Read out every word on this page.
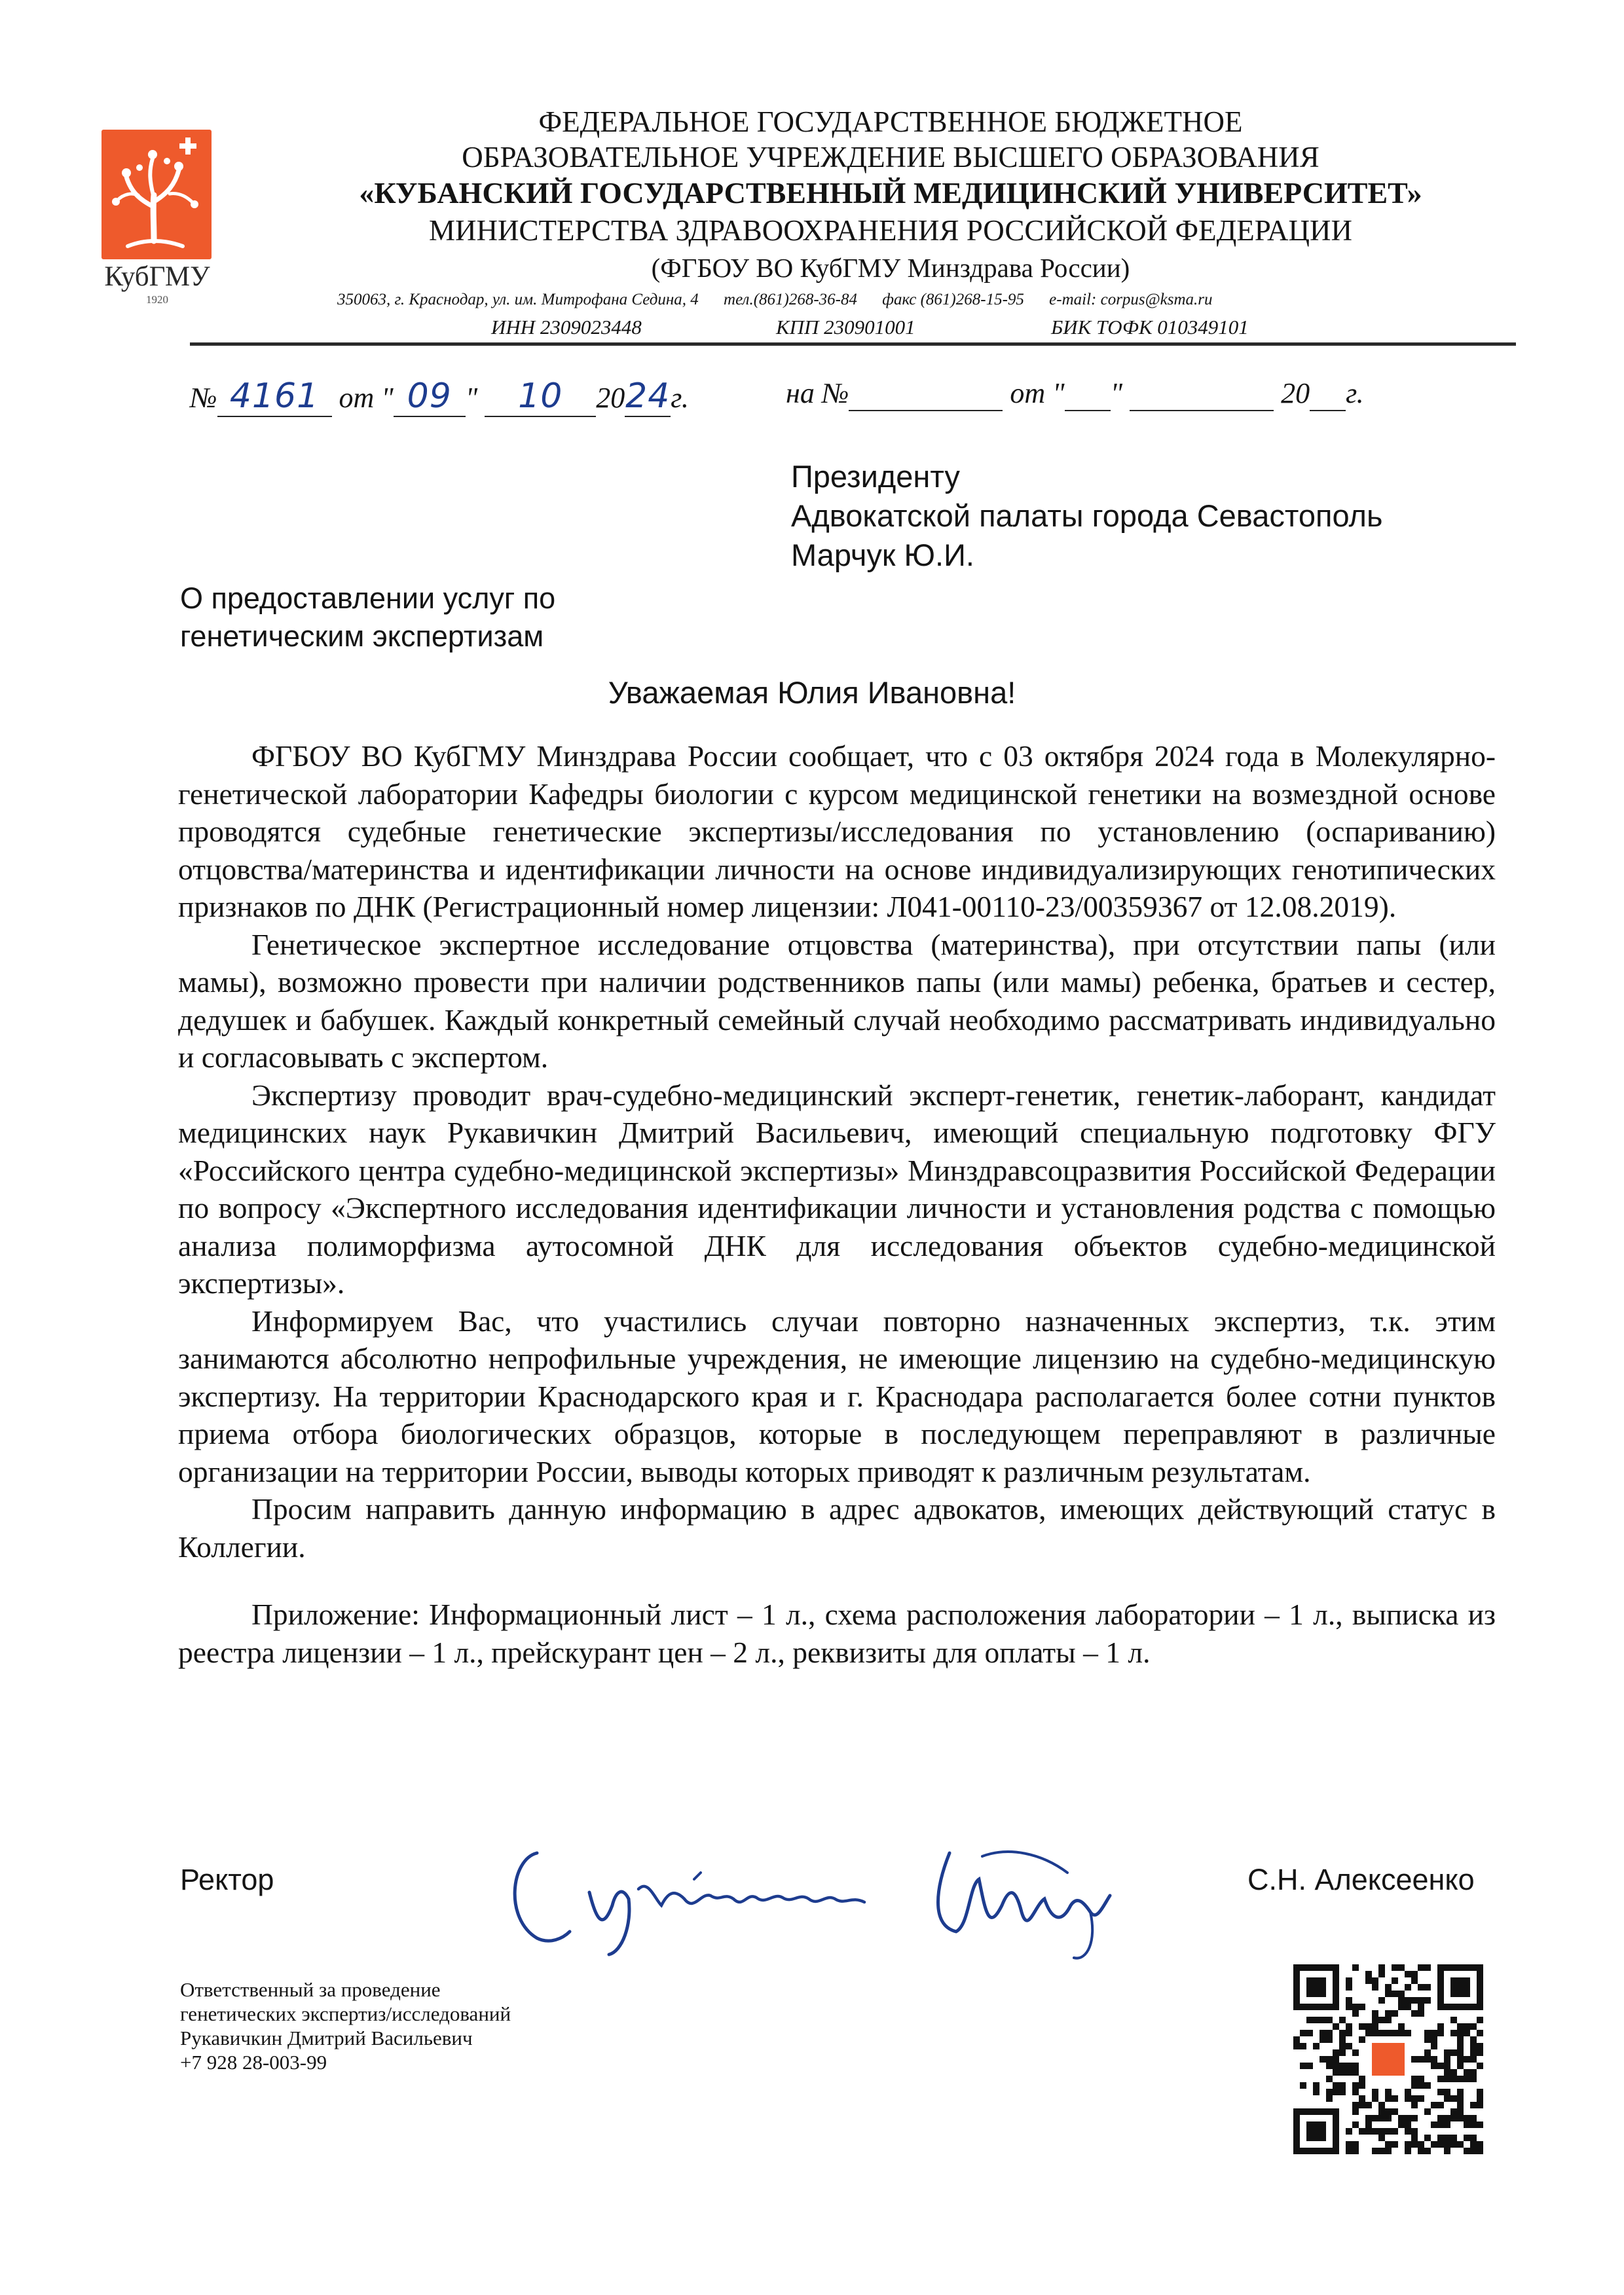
КубГМУ
1920
ФЕДЕРАЛЬНОЕ ГОСУДАРСТВЕННОЕ БЮДЖЕТНОЕ
ОБРАЗОВАТЕЛЬНОЕ УЧРЕЖДЕНИЕ ВЫСШЕГО ОБРАЗОВАНИЯ
«КУБАНСКИЙ ГОСУДАРСТВЕННЫЙ МЕДИЦИНСКИЙ УНИВЕРСИТЕТ»
МИНИСТЕРСТВА ЗДРАВООХРАНЕНИЯ РОССИЙСКОЙ ФЕДЕРАЦИИ
(ФГБОУ ВО КубГМУ Минздрава России)
350063, г. Краснодар, ул. им. Митрофана Седина, 4 тел.(861)268-36-84 факс (861)268-15-95 e-mail: corpus@ksma.ru
ИНН 2309023448	КПП 230901001	БИК ТОФК 010349101
№ 4161 от " 09 " 10 2024г.	на №	от " "	20 г.
Президенту
Адвокатской палаты города Севастополь
Марчук Ю.И.
О предоставлении услуг по
генетическим экспертизам
Уважаемая Юлия Ивановна!

ФГБОУ ВО КубГМУ Минздрава России сообщает, что с 03 октября 2024 года в Молекулярно-генетической лаборатории Кафедры биологии с курсом медицинской генетики на возмездной основе проводятся судебные генетические экспертизы/исследования по установлению (оспариванию) отцовства/материнства и идентификации личности на основе индивидуализирующих генотипических признаков по ДНК (Регистрационный номер лицензии: Л041-00110-23/00359367 от 12.08.2019).

Генетическое экспертное исследование отцовства (материнства), при отсутствии папы (или мамы), возможно провести при наличии родственников папы (или мамы) ребенка, братьев и сестер, дедушек и бабушек. Каждый конкретный семейный случай необходимо рассматривать индивидуально и согласовывать с экспертом.

Экспертизу проводит врач-судебно-медицинский эксперт-генетик, генетик-лаборант, кандидат медицинских наук Рукавичкин Дмитрий Васильевич, имеющий специальную подготовку ФГУ «Российского центра судебно-медицинской экспертизы» Минздравсоцразвития Российской Федерации по вопросу «Экспертного исследования идентификации личности и установления родства с помощью анализа полиморфизма аутосомной ДНК для исследования объектов судебно-медицинской экспертизы».

Информируем Вас, что участились случаи повторно назначенных экспертиз, т.к. этим занимаются абсолютно непрофильные учреждения, не имеющие лицензию на судебно-медицинскую экспертизу. На территории Краснодарского края и г. Краснодара располагается более сотни пунктов приема отбора биологических образцов, которые в последующем переправляют в различные организации на территории России, выводы которых приводят к различным результатам.

Просим направить данную информацию в адрес адвокатов, имеющих действующий статус в Коллегии.

Приложение: Информационный лист – 1 л., схема расположения лаборатории – 1 л., выписка из реестра лицензии – 1 л., прейскурант цен – 2 л., реквизиты для оплаты – 1 л.

Ректор	С.Н. Алексеенко
Ответственный за проведение
генетических экспертиз/исследований
Рукавичкин Дмитрий Васильевич
+7 928 28-003-99
